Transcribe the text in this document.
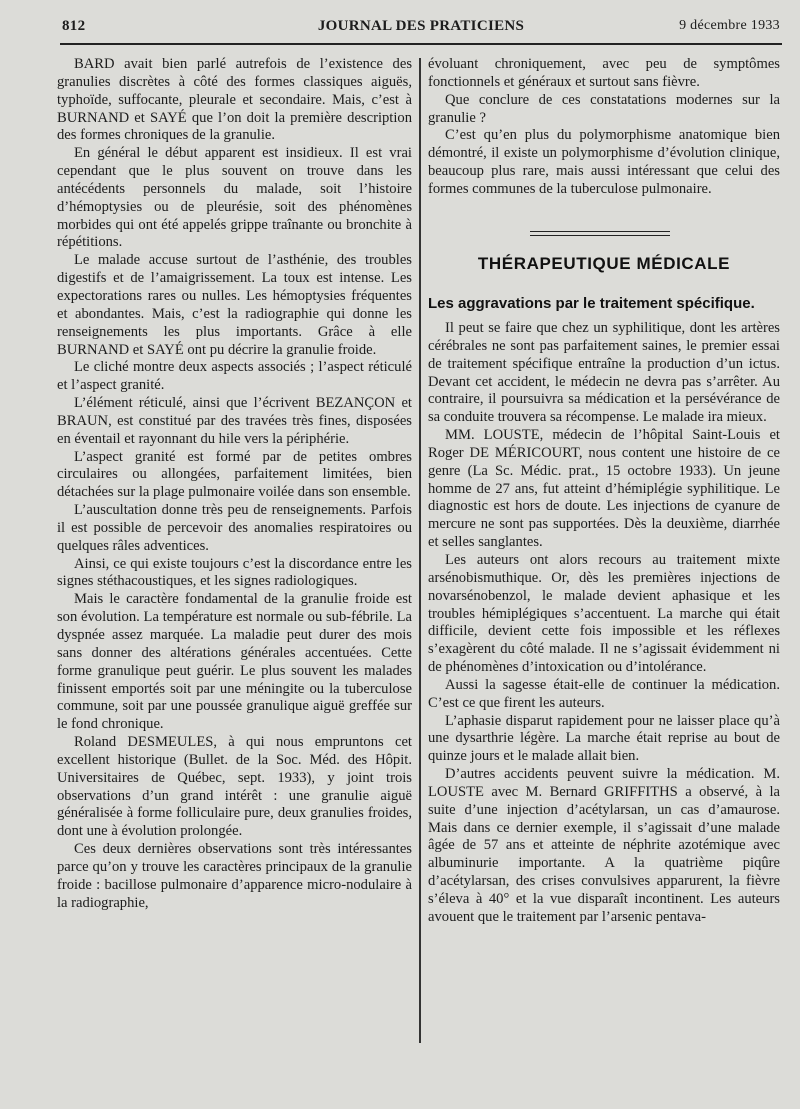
812	JOURNAL DES PRATICIENS	9 décembre 1933

BARD avait bien parlé autrefois de l’existence des granulies discrètes à côté des formes classiques aiguës, typhoïde, suffocante, pleurale et secondaire. Mais, c’est à BURNAND et SAYÉ que l’on doit la première description des formes chroniques de la granulie.

En général le début apparent est insidieux. Il est vrai cependant que le plus souvent on trouve dans les antécédents personnels du malade, soit l’histoire d’hémoptysies ou de pleurésie, soit des phénomènes morbides qui ont été appelés grippe traînante ou bronchite à répétitions.

Le malade accuse surtout de l’asthénie, des troubles digestifs et de l’amaigrissement. La toux est intense. Les expectorations rares ou nulles. Les hémoptysies fréquentes et abondantes. Mais, c’est la radiographie qui donne les renseignements les plus importants. Grâce à elle BURNAND et SAYÉ ont pu décrire la granulie froide.

Le cliché montre deux aspects associés ; l’aspect réticulé et l’aspect granité.

L’élément réticulé, ainsi que l’écrivent BEZANÇON et BRAUN, est constitué par des travées très fines, disposées en éventail et rayonnant du hile vers la périphérie.

L’aspect granité est formé par de petites ombres circulaires ou allongées, parfaitement limitées, bien détachées sur la plage pulmonaire voilée dans son ensemble.

L’auscultation donne très peu de renseignements. Parfois il est possible de percevoir des anomalies respiratoires ou quelques râles adventices.

Ainsi, ce qui existe toujours c’est la discordance entre les signes stéthacoustiques, et les signes radiologiques.

Mais le caractère fondamental de la granulie froide est son évolution. La température est normale ou sub-fébrile. La dyspnée assez marquée. La maladie peut durer des mois sans donner des altérations générales accentuées. Cette forme granulique peut guérir. Le plus souvent les malades finissent emportés soit par une méningite ou la tuberculose commune, soit par une poussée granulique aiguë greffée sur le fond chronique.

Roland DESMEULES, à qui nous empruntons cet excellent historique (Bullet. de la Soc. Méd. des Hôpit. Universitaires de Québec, sept. 1933), y joint trois observations d’un grand intérêt : une granulie aiguë généralisée à forme folliculaire pure, deux granulies froides, dont une à évolution prolongée.

Ces deux dernières observations sont très intéressantes parce qu’on y trouve les caractères principaux de la granulie froide : bacillose pulmonaire d’apparence micro-nodulaire à la radiographie,

évoluant chroniquement, avec peu de symptômes fonctionnels et généraux et surtout sans fièvre.

Que conclure de ces constatations modernes sur la granulie ?

C’est qu’en plus du polymorphisme anatomique bien démontré, il existe un polymorphisme d’évolution clinique, beaucoup plus rare, mais aussi intéressant que celui des formes communes de la tuberculose pulmonaire.

THÉRAPEUTIQUE MÉDICALE
Les aggravations par le traitement spécifique.

Il peut se faire que chez un syphilitique, dont les artères cérébrales ne sont pas parfaitement saines, le premier essai de traitement spécifique entraîne la production d’un ictus. Devant cet accident, le médecin ne devra pas s’arrêter. Au contraire, il poursuivra sa médication et la persévérance de sa conduite trouvera sa récompense. Le malade ira mieux.

MM. LOUSTE, médecin de l’hôpital Saint-Louis et Roger DE MÉRICOURT, nous content une histoire de ce genre (La Sc. Médic. prat., 15 octobre 1933). Un jeune homme de 27 ans, fut atteint d’hémiplégie syphilitique. Le diagnostic est hors de doute. Les injections de cyanure de mercure ne sont pas supportées. Dès la deuxième, diarrhée et selles sanglantes.

Les auteurs ont alors recours au traitement mixte arsénobismuthique. Or, dès les premières injections de novarsénobenzol, le malade devient aphasique et les troubles hémiplégiques s’accentuent. La marche qui était difficile, devient cette fois impossible et les réflexes s’exagèrent du côté malade. Il ne s’agissait évidemment ni de phénomènes d’intoxication ou d’intolérance.

Aussi la sagesse était-elle de continuer la médication. C’est ce que firent les auteurs.

L’aphasie disparut rapidement pour ne laisser place qu’à une dysarthrie légère. La marche était reprise au bout de quinze jours et le malade allait bien.

D’autres accidents peuvent suivre la médication. M. LOUSTE avec M. Bernard GRIFFITHS a observé, à la suite d’une injection d’acétylarsan, un cas d’amaurose. Mais dans ce dernier exemple, il s’agissait d’une malade âgée de 57 ans et atteinte de néphrite azotémique avec albuminurie importante. A la quatrième piqûre d’acétylarsan, des crises convulsives apparurent, la fièvre s’éleva à 40° et la vue disparaît incontinent. Les auteurs avouent que le traitement par l’arsenic pentava-
